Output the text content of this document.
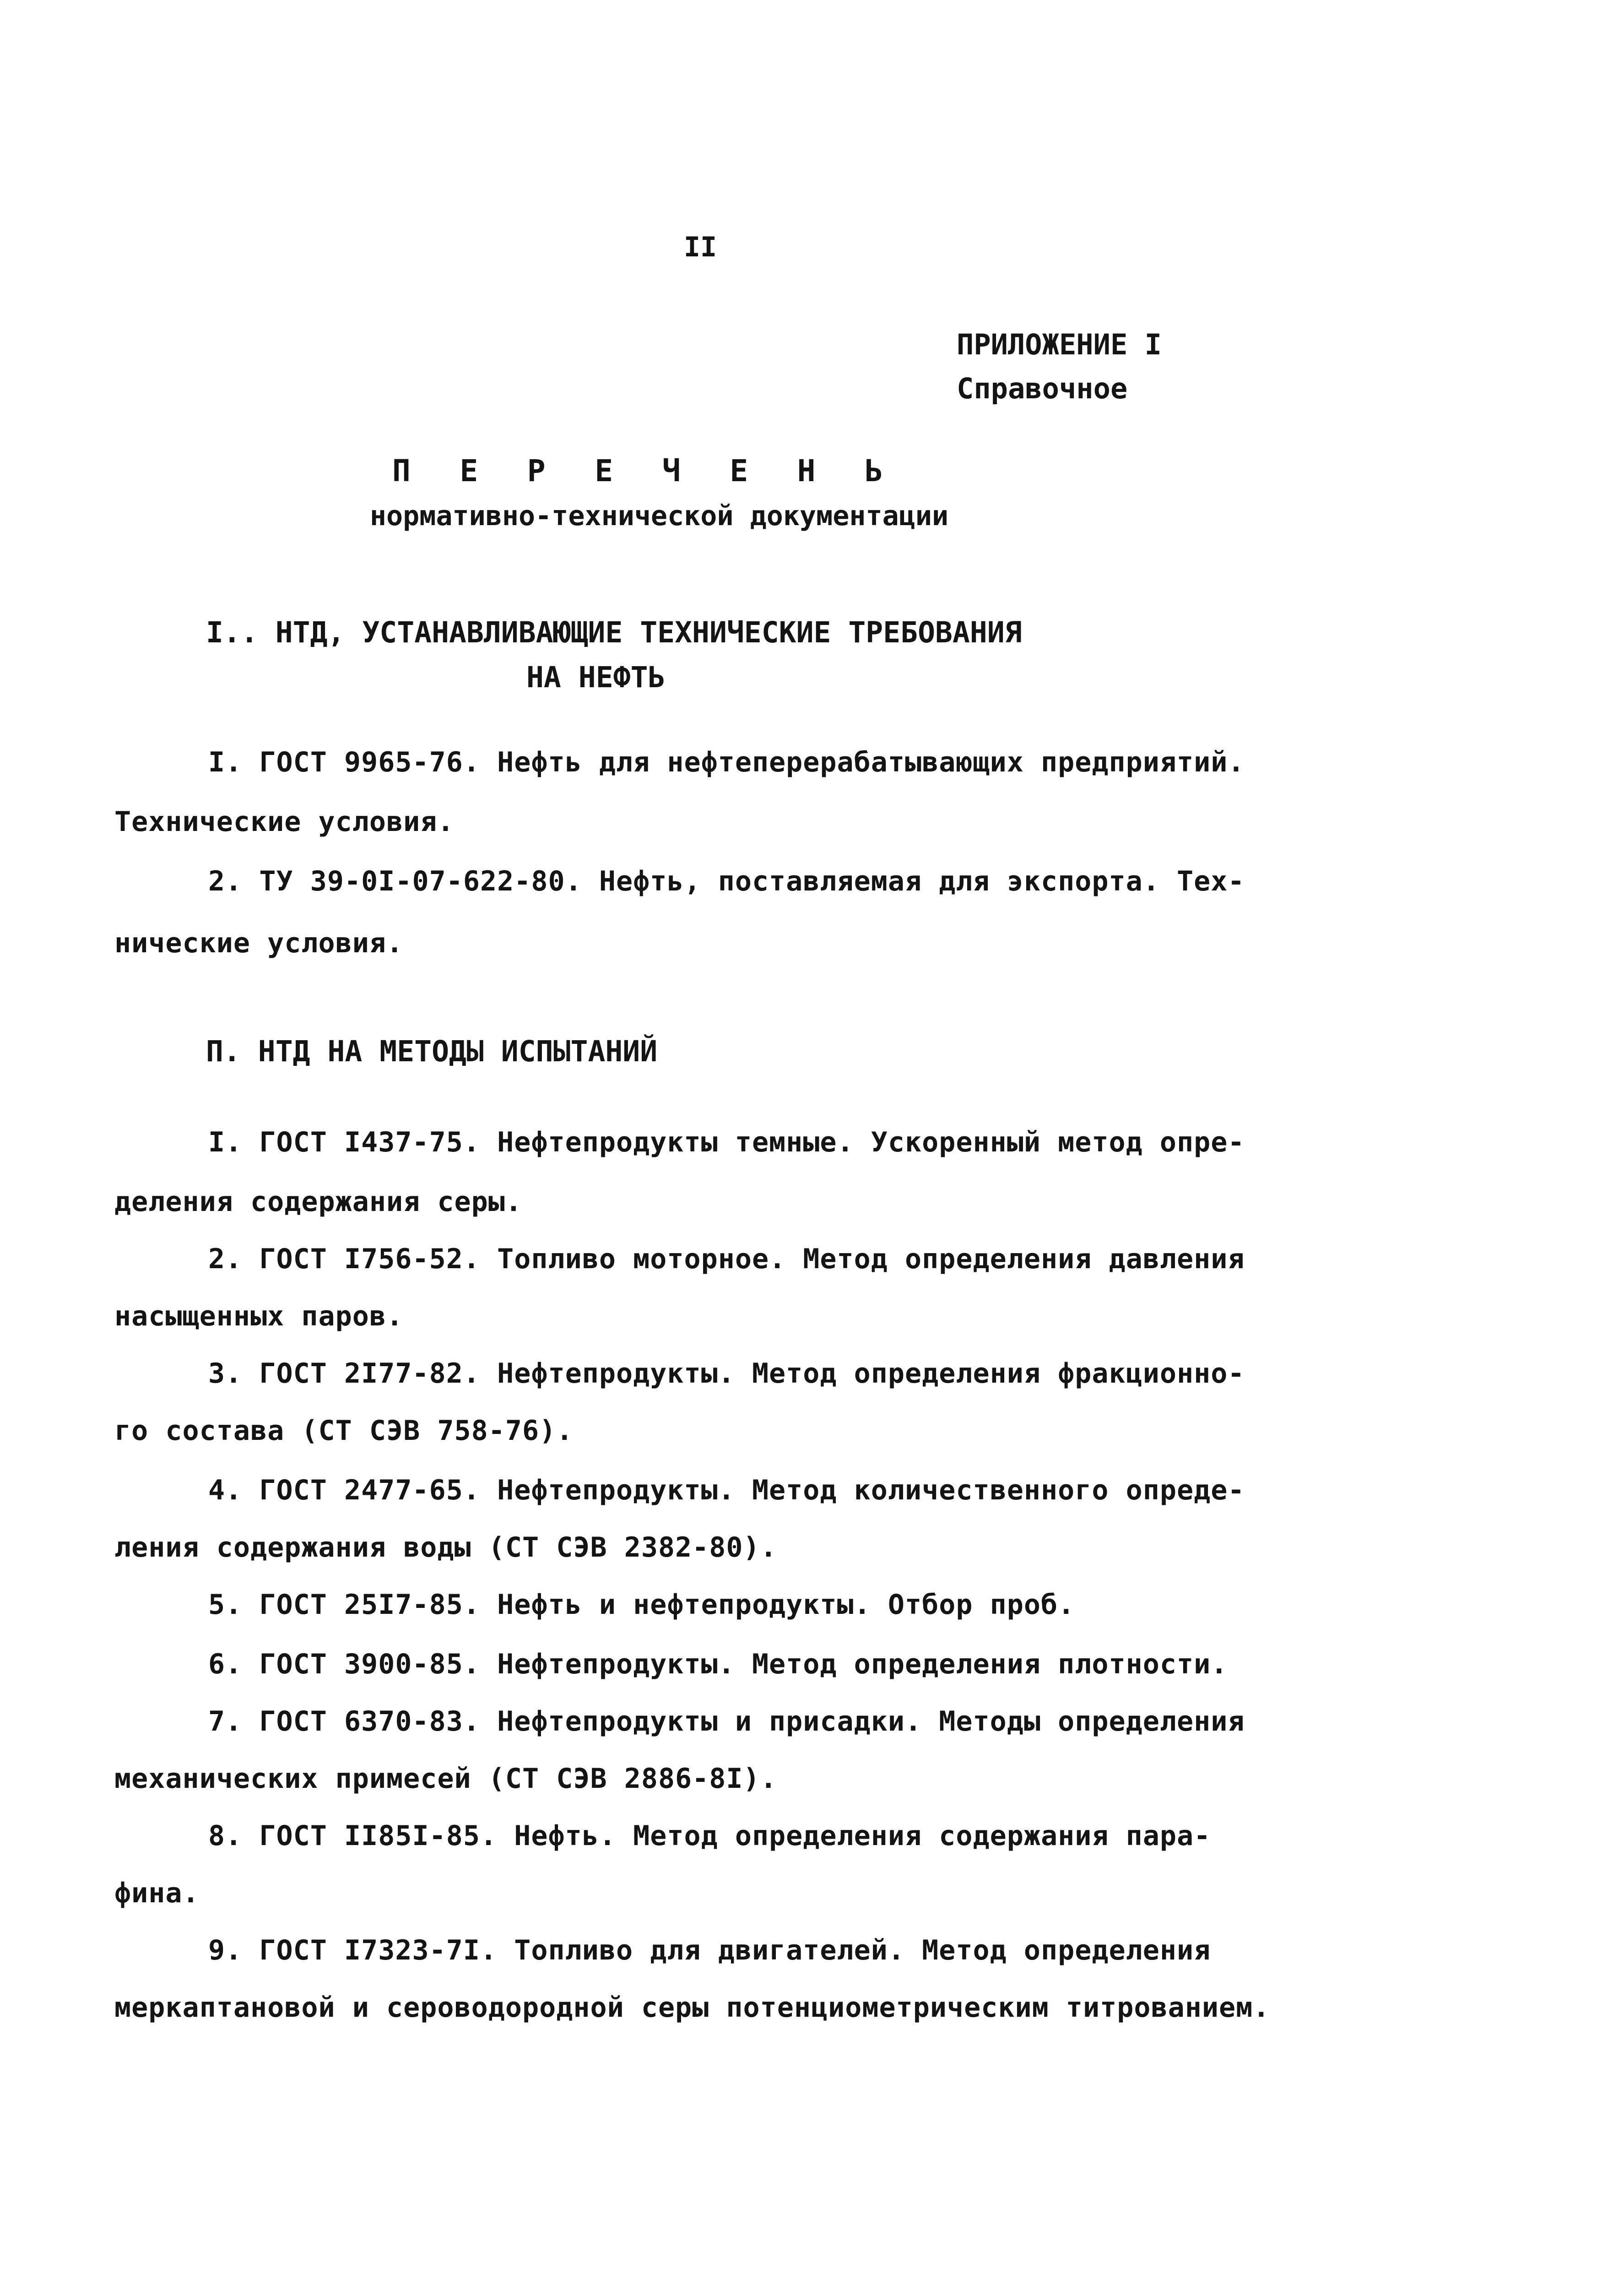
II
ПРИЛОЖЕНИЕ I
Справочное
П Е Р Е Ч Е Н Ь
нормативно-технической документации
I.. НТД, УСТАНАВЛИВАЮЩИЕ ТЕХНИЧЕСКИЕ ТРЕБОВАНИЯ
НА НЕФТЬ
I. ГОСТ 9965-76. Нефть для нефтеперерабатывающих предприятий.
Технические условия.
2. ТУ 39-0I-07-622-80. Нефть, поставляемая для экспорта. Тех-
нические условия.
П. НТД НА МЕТОДЫ ИСПЫТАНИЙ
I. ГОСТ I437-75. Нефтепродукты темные. Ускоренный метод опре-
деления содержания серы.
2. ГОСТ I756-52. Топливо моторное. Метод определения давления
насыщенных паров.
3. ГОСТ 2I77-82. Нефтепродукты. Метод определения фракционно-
го состава (СТ СЭВ 758-76).
4. ГОСТ 2477-65. Нефтепродукты. Метод количественного опреде-
ления содержания воды (СТ СЭВ 2382-80).
5. ГОСТ 25I7-85. Нефть и нефтепродукты. Отбор проб.
6. ГОСТ 3900-85. Нефтепродукты. Метод определения плотности.
7. ГОСТ 6370-83. Нефтепродукты и присадки. Методы определения
механических примесей (СТ СЭВ 2886-8I).
8. ГОСТ II85I-85. Нефть. Метод определения содержания пара-
фина.
9. ГОСТ I7323-7I. Топливо для двигателей. Метод определения
меркаптановой и сероводородной серы потенциометрическим титрованием.
